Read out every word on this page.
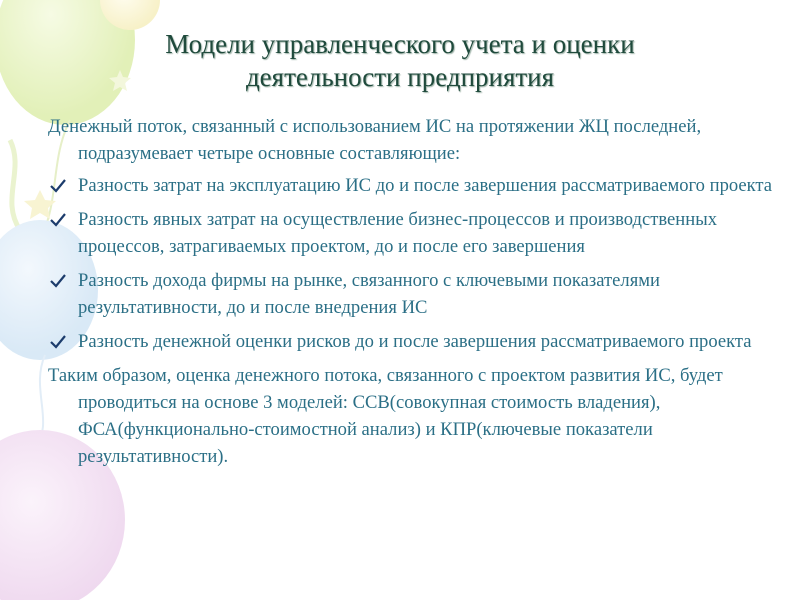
Модели управленческого учета и оценки
деятельности предприятия

Денежный поток, связанный с использованием ИС на протяжении ЖЦ последней, подразумевает четыре основные составляющие:

Разность затрат на эксплуатацию ИС до и после завершения рассматриваемого проекта
Разность явных затрат на осуществление бизнес-процессов и производственных процессов, затрагиваемых проектом, до и после его завершения
Разность дохода фирмы на рынке, связанного с ключевыми показателями результативности, до и после внедрения ИС
Разность денежной оценки рисков до и после завершения рассматриваемого проекта

Таким образом, оценка денежного потока, связанного с проектом развития ИС, будет проводиться на основе 3 моделей: ССВ(совокупная стоимость владения), ФСА(функционально-стоимостной анализ) и КПР(ключевые показатели результативности).
